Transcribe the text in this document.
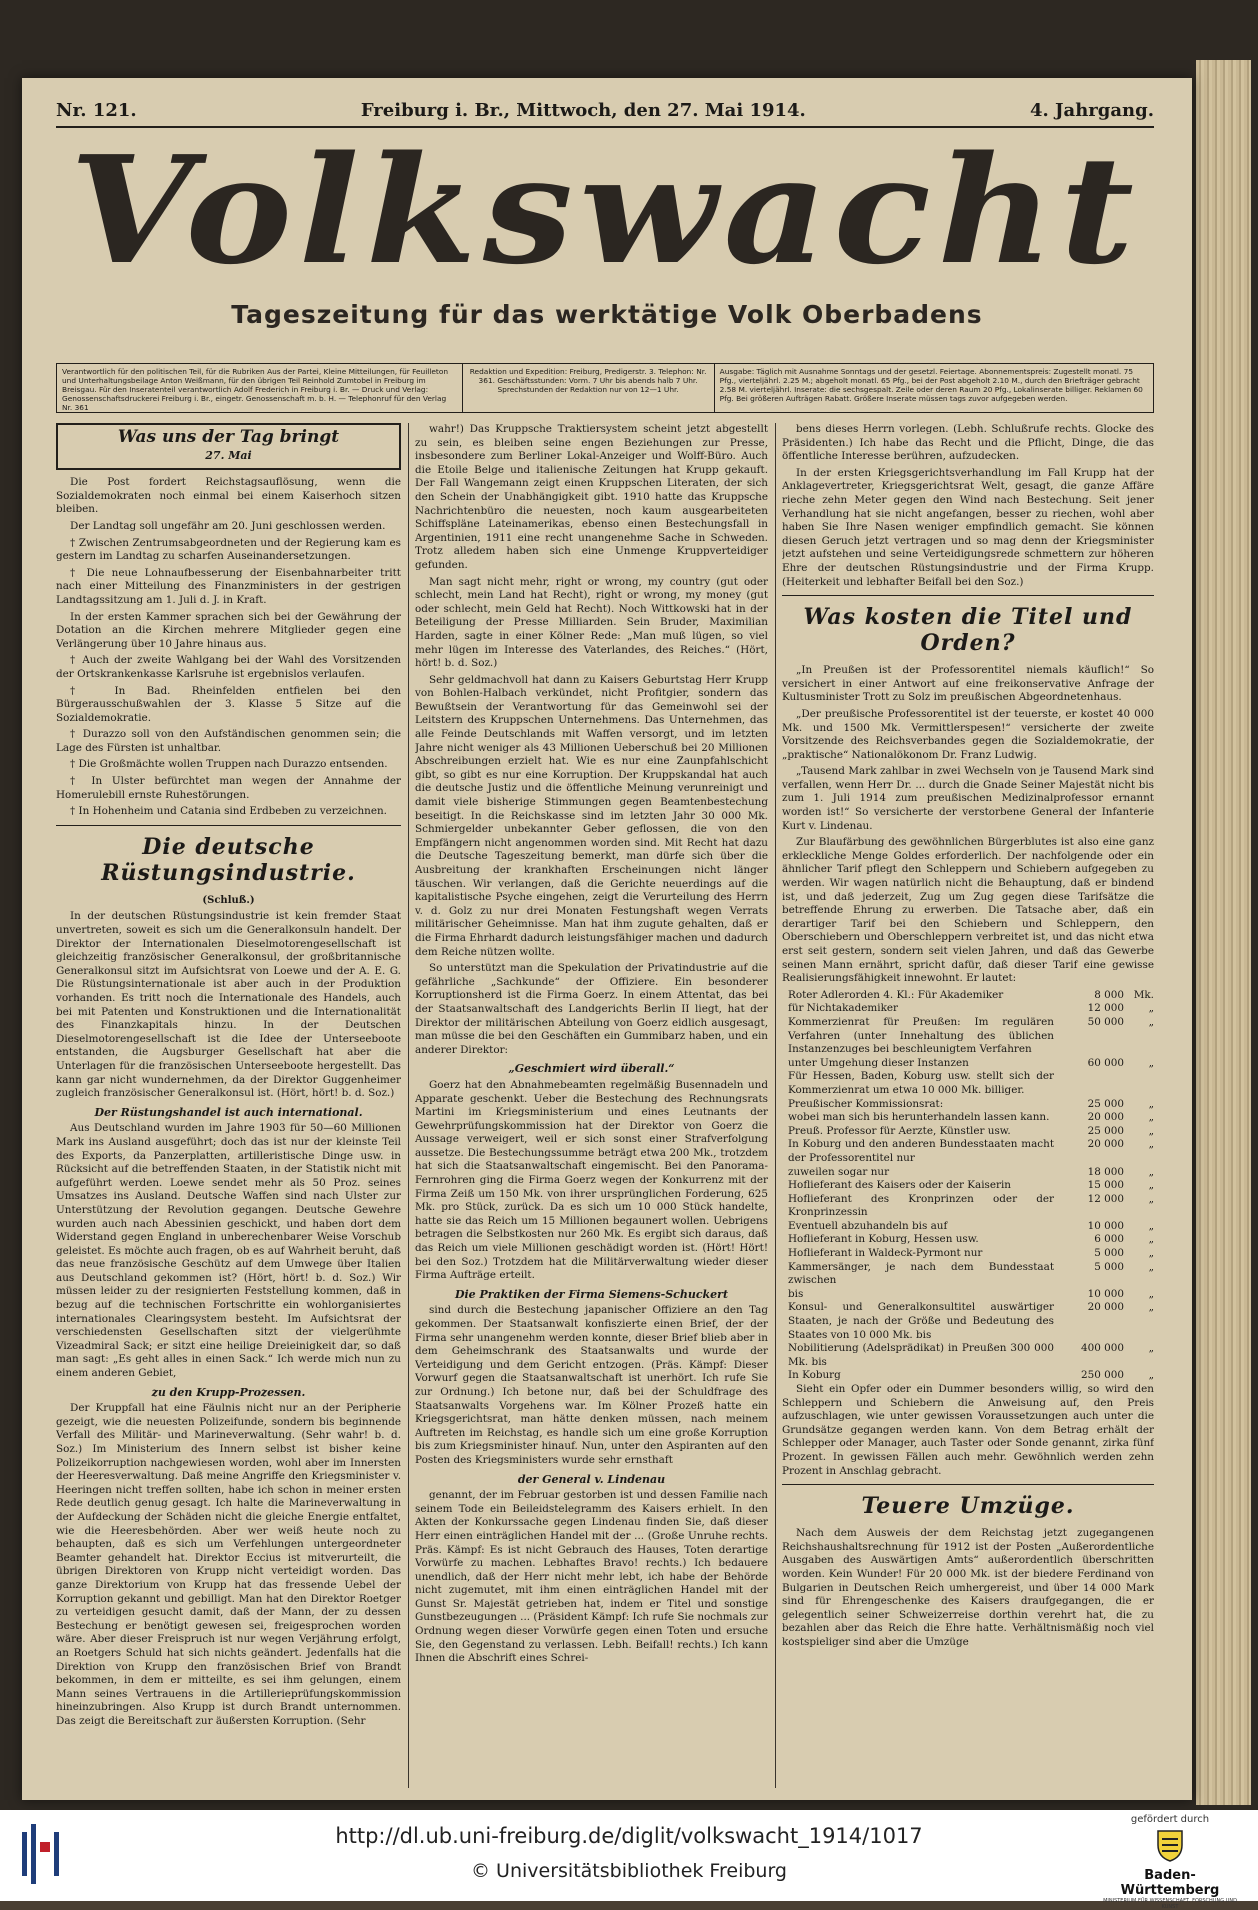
Nr. 121.	Freiburg i. Br., Mittwoch, den 27. Mai 1914.	4. Jahrgang.
Volkswacht
Tageszeitung für das werktätige Volk Oberbadens
Verantwortlich für den politischen Teil, für die Rubriken Aus der Partei, Kleine Mitteilungen, für Feuilleton und Unterhaltungsbeilage Anton Weißmann, für den übrigen Teil Reinhold Zumtobel in Freiburg im Breisgau. Für den Inseratenteil verantwortlich Adolf Frederich in Freiburg i. Br. — Druck und Verlag: Genossenschaftsdruckerei Freiburg i. Br., eingetr. Genossenschaft m. b. H. — Telephonruf für den Verlag Nr. 361
Redaktion und Expedition: Freiburg, Predigerstr. 3. Telephon: Nr. 361. Geschäftsstunden: Vorm. 7 Uhr bis abends halb 7 Uhr. Sprechstunden der Redaktion nur von 12—1 Uhr.
Ausgabe: Täglich mit Ausnahme Sonntags und der gesetzl. Feiertage. Abonnementspreis: Zugestellt monatl. 75 Pfg., vierteljährl. 2.25 M.; abgeholt monatl. 65 Pfg., bei der Post abgeholt 2.10 M., durch den Briefträger gebracht 2.58 M. vierteljährl. Inserate: die sechsgespalt. Zeile oder deren Raum 20 Pfg., Lokalinserate billiger. Reklamen 60 Pfg. Bei größeren Aufträgen Rabatt. Größere Inserate müssen tags zuvor aufgegeben werden.
Was uns der Tag bringt
27. Mai

Die Post fordert Reichstagsauflösung, wenn die Sozialdemokraten noch einmal bei einem Kaiserhoch sitzen bleiben.

Der Landtag soll ungefähr am 20. Juni geschlossen werden.

† Zwischen Zentrumsabgeordneten und der Regierung kam es gestern im Landtag zu scharfen Auseinandersetzungen.

† Die neue Lohnaufbesserung der Eisenbahnarbeiter tritt nach einer Mitteilung des Finanzministers in der gestrigen Landtagssitzung am 1. Juli d. J. in Kraft.

In der ersten Kammer sprachen sich bei der Gewährung der Dotation an die Kirchen mehrere Mitglieder gegen eine Verlängerung über 10 Jahre hinaus aus.

† Auch der zweite Wahlgang bei der Wahl des Vorsitzenden der Ortskrankenkasse Karlsruhe ist ergebnislos verlaufen.

† In Bad. Rheinfelden entfielen bei den Bürgerausschußwahlen der 3. Klasse 5 Sitze auf die Sozialdemokratie.

† Durazzo soll von den Aufständischen genommen sein; die Lage des Fürsten ist unhaltbar.

† Die Großmächte wollen Truppen nach Durazzo entsenden.

† In Ulster befürchtet man wegen der Annahme der Homerulebill ernste Ruhestörungen.

† In Hohenheim und Catania sind Erdbeben zu verzeichnen.

Die deutsche Rüstungsindustrie.
(Schluß.)

In der deutschen Rüstungsindustrie ist kein fremder Staat unvertreten, soweit es sich um die Generalkonsuln handelt. Der Direktor der Internationalen Dieselmotorengesellschaft ist gleichzeitig französischer Generalkonsul, der großbritannische Generalkonsul sitzt im Aufsichtsrat von Loewe und der A. E. G. Die Rüstungsinternationale ist aber auch in der Produktion vorhanden. Es tritt noch die Internationale des Handels, auch bei mit Patenten und Konstruktionen und die Internationalität des Finanzkapitals hinzu. In der Deutschen Dieselmotorengesellschaft ist die Idee der Unterseeboote entstanden, die Augsburger Gesellschaft hat aber die Unterlagen für die französischen Unterseeboote hergestellt. Das kann gar nicht wundernehmen, da der Direktor Guggenheimer zugleich französischer Generalkonsul ist. (Hört, hört! b. d. Soz.)

Der Rüstungshandel ist auch international.

Aus Deutschland wurden im Jahre 1903 für 50—60 Millionen Mark ins Ausland ausgeführt; doch das ist nur der kleinste Teil des Exports, da Panzerplatten, artilleristische Dinge usw. in Rücksicht auf die betreffenden Staaten, in der Statistik nicht mit aufgeführt werden. Loewe sendet mehr als 50 Proz. seines Umsatzes ins Ausland. Deutsche Waffen sind nach Ulster zur Unterstützung der Revolution gegangen. Deutsche Gewehre wurden auch nach Abessinien geschickt, und haben dort dem Widerstand gegen England in unberechenbarer Weise Vorschub geleistet. Es möchte auch fragen, ob es auf Wahrheit beruht, daß das neue französische Geschütz auf dem Umwege über Italien aus Deutschland gekommen ist? (Hört, hört! b. d. Soz.) Wir müssen leider zu der resignierten Feststellung kommen, daß in bezug auf die technischen Fortschritte ein wohlorganisiertes internationales Clearingsystem besteht. Im Aufsichtsrat der verschiedensten Gesellschaften sitzt der vielgerühmte Vizeadmiral Sack; er sitzt eine heilige Dreieinigkeit dar, so daß man sagt: „Es geht alles in einen Sack.“ Ich werde mich nun zu einem anderen Gebiet,

zu den Krupp-Prozessen.

Der Kruppfall hat eine Fäulnis nicht nur an der Peripherie gezeigt, wie die neuesten Polizeifunde, sondern bis beginnende Verfall des Militär- und Marineverwaltung. (Sehr wahr! b. d. Soz.) Im Ministerium des Innern selbst ist bisher keine Polizeikorruption nachgewiesen worden, wohl aber im Innersten der Heeresverwaltung. Daß meine Angriffe den Kriegsminister v. Heeringen nicht treffen sollten, habe ich schon in meiner ersten Rede deutlich genug gesagt. Ich halte die Marineverwaltung in der Aufdeckung der Schäden nicht die gleiche Energie entfaltet, wie die Heeresbehörden. Aber wer weiß heute noch zu behaupten, daß es sich um Verfehlungen untergeordneter Beamter gehandelt hat. Direktor Eccius ist mitverurteilt, die übrigen Direktoren von Krupp nicht verteidigt worden. Das ganze Direktorium von Krupp hat das fressende Uebel der Korruption gekannt und gebilligt. Man hat den Direktor Roetger zu verteidigen gesucht damit, daß der Mann, der zu dessen Bestechung er benötigt gewesen sei, freigesprochen worden wäre. Aber dieser Freispruch ist nur wegen Verjährung erfolgt, an Roetgers Schuld hat sich nichts geändert. Jedenfalls hat die Direktion von Krupp den französischen Brief von Brandt bekommen, in dem er mitteilte, es sei ihm gelungen, einem Mann seines Vertrauens in die Artillerieprüfungskommission hineinzubringen. Also Krupp ist durch Brandt unternommen. Das zeigt die Bereitschaft zur äußersten Korruption. (Sehr

wahr!) Das Kruppsche Traktiersystem scheint jetzt abgestellt zu sein, es bleiben seine engen Beziehungen zur Presse, insbesondere zum Berliner Lokal-Anzeiger und Wolff-Büro. Auch die Etoile Belge und italienische Zeitungen hat Krupp gekauft. Der Fall Wangemann zeigt einen Kruppschen Literaten, der sich den Schein der Unabhängigkeit gibt. 1910 hatte das Kruppsche Nachrichtenbüro die neuesten, noch kaum ausgearbeiteten Schiffspläne Lateinamerikas, ebenso einen Bestechungsfall in Argentinien, 1911 eine recht unangenehme Sache in Schweden. Trotz alledem haben sich eine Unmenge Kruppverteidiger gefunden.

Man sagt nicht mehr, right or wrong, my country (gut oder schlecht, mein Land hat Recht), right or wrong, my money (gut oder schlecht, mein Geld hat Recht). Noch Wittkowski hat in der Beteiligung der Presse Milliarden. Sein Bruder, Maximilian Harden, sagte in einer Kölner Rede: „Man muß lügen, so viel mehr lügen im Interesse des Vaterlandes, des Reiches.“ (Hört, hört! b. d. Soz.)

Sehr geldmachvoll hat dann zu Kaisers Geburtstag Herr Krupp von Bohlen-Halbach verkündet, nicht Profitgier, sondern das Bewußtsein der Verantwortung für das Gemeinwohl sei der Leitstern des Kruppschen Unternehmens. Das Unternehmen, das alle Feinde Deutschlands mit Waffen versorgt, und im letzten Jahre nicht weniger als 43 Millionen Ueberschuß bei 20 Millionen Abschreibungen erzielt hat. Wie es nur eine Zaunpfahlschicht gibt, so gibt es nur eine Korruption. Der Kruppskandal hat auch die deutsche Justiz und die öffentliche Meinung verunreinigt und damit viele bisherige Stimmungen gegen Beamtenbestechung beseitigt. In die Reichskasse sind im letzten Jahr 30 000 Mk. Schmiergelder unbekannter Geber geflossen, die von den Empfängern nicht angenommen worden sind. Mit Recht hat dazu die Deutsche Tageszeitung bemerkt, man dürfe sich über die Ausbreitung der krankhaften Erscheinungen nicht länger täuschen. Wir verlangen, daß die Gerichte neuerdings auf die kapitalistische Psyche eingehen, zeigt die Verurteilung des Herrn v. d. Golz zu nur drei Monaten Festungshaft wegen Verrats militärischer Geheimnisse. Man hat ihm zugute gehalten, daß er die Firma Ehrhardt dadurch leistungsfähiger machen und dadurch dem Reiche nützen wollte.

So unterstützt man die Spekulation der Privatindustrie auf die gefährliche „Sachkunde“ der Offiziere. Ein besonderer Korruptionsherd ist die Firma Goerz. In einem Attentat, das bei der Staatsanwaltschaft des Landgerichts Berlin II liegt, hat der Direktor der militärischen Abteilung von Goerz eidlich ausgesagt, man müsse die bei den Geschäften ein Gummibarz haben, und ein anderer Direktor:

„Geschmiert wird überall.“

Goerz hat den Abnahmebeamten regelmäßig Busennadeln und Apparate geschenkt. Ueber die Bestechung des Rechnungsrats Martini im Kriegsministerium und eines Leutnants der Gewehrprüfungskommission hat der Direktor von Goerz die Aussage verweigert, weil er sich sonst einer Strafverfolgung aussetze. Die Bestechungssumme beträgt etwa 200 Mk., trotzdem hat sich die Staatsanwaltschaft eingemischt. Bei den Panorama-Fernrohren ging die Firma Goerz wegen der Konkurrenz mit der Firma Zeiß um 150 Mk. von ihrer ursprünglichen Forderung, 625 Mk. pro Stück, zurück. Da es sich um 10 000 Stück handelte, hatte sie das Reich um 15 Millionen begaunert wollen. Uebrigens betragen die Selbstkosten nur 260 Mk. Es ergibt sich daraus, daß das Reich um viele Millionen geschädigt worden ist. (Hört! Hört! bei den Soz.) Trotzdem hat die Militärverwaltung wieder dieser Firma Aufträge erteilt.

Die Praktiken der Firma Siemens-Schuckert

sind durch die Bestechung japanischer Offiziere an den Tag gekommen. Der Staatsanwalt konfiszierte einen Brief, der der Firma sehr unangenehm werden konnte, dieser Brief blieb aber in dem Geheimschrank des Staatsanwalts und wurde der Verteidigung und dem Gericht entzogen. (Präs. Kämpf: Dieser Vorwurf gegen die Staatsanwaltschaft ist unerhört. Ich rufe Sie zur Ordnung.) Ich betone nur, daß bei der Schuldfrage des Staatsanwalts Vorgehens war. Im Kölner Prozeß hatte ein Kriegsgerichtsrat, man hätte denken müssen, nach meinem Auftreten im Reichstag, es handle sich um eine große Korruption bis zum Kriegsminister hinauf. Nun, unter den Aspiranten auf den Posten des Kriegsministers wurde sehr ernsthaft

der General v. Lindenau

genannt, der im Februar gestorben ist und dessen Familie nach seinem Tode ein Beileidstelegramm des Kaisers erhielt. In den Akten der Konkurssache gegen Lindenau finden Sie, daß dieser Herr einen einträglichen Handel mit der ... (Große Unruhe rechts. Präs. Kämpf: Es ist nicht Gebrauch des Hauses, Toten derartige Vorwürfe zu machen. Lebhaftes Bravo! rechts.) Ich bedauere unendlich, daß der Herr nicht mehr lebt, ich habe der Behörde nicht zugemutet, mit ihm einen einträglichen Handel mit der Gunst Sr. Majestät getrieben hat, indem er Titel und sonstige Gunstbezeugungen ... (Präsident Kämpf: Ich rufe Sie nochmals zur Ordnung wegen dieser Vorwürfe gegen einen Toten und ersuche Sie, den Gegenstand zu verlassen. Lebh. Beifall! rechts.) Ich kann Ihnen die Abschrift eines Schrei-

bens dieses Herrn vorlegen. (Lebh. Schlußrufe rechts. Glocke des Präsidenten.) Ich habe das Recht und die Pflicht, Dinge, die das öffentliche Interesse berühren, aufzudecken.

In der ersten Kriegsgerichtsverhandlung im Fall Krupp hat der Anklagevertreter, Kriegsgerichtsrat Welt, gesagt, die ganze Affäre rieche zehn Meter gegen den Wind nach Bestechung. Seit jener Verhandlung hat sie nicht angefangen, besser zu riechen, wohl aber haben Sie Ihre Nasen weniger empfindlich gemacht. Sie können diesen Geruch jetzt vertragen und so mag denn der Kriegsminister jetzt aufstehen und seine Verteidigungsrede schmettern zur höheren Ehre der deutschen Rüstungsindustrie und der Firma Krupp. (Heiterkeit und lebhafter Beifall bei den Soz.)

Was kosten die Titel und Orden?

„In Preußen ist der Professorentitel niemals käuflich!“ So versichert in einer Antwort auf eine freikonservative Anfrage der Kultusminister Trott zu Solz im preußischen Abgeordnetenhaus.

„Der preußische Professorentitel ist der teuerste, er kostet 40 000 Mk. und 1500 Mk. Vermittlerspesen!“ versicherte der zweite Vorsitzende des Reichsverbandes gegen die Sozialdemokratie, der „praktische“ Nationalökonom Dr. Franz Ludwig.

„Tausend Mark zahlbar in zwei Wechseln von je Tausend Mark sind verfallen, wenn Herr Dr. ... durch die Gnade Seiner Majestät nicht bis zum 1. Juli 1914 zum preußischen Medizinalprofessor ernannt worden ist!“ So versicherte der verstorbene General der Infanterie Kurt v. Lindenau.

Zur Blaufärbung des gewöhnlichen Bürgerblutes ist also eine ganz erkleckliche Menge Goldes erforderlich. Der nachfolgende oder ein ähnlicher Tarif pflegt den Schleppern und Schiebern aufgegeben zu werden. Wir wagen natürlich nicht die Behauptung, daß er bindend ist, und daß jederzeit, Zug um Zug gegen diese Tarifsätze die betreffende Ehrung zu erwerben. Die Tatsache aber, daß ein derartiger Tarif bei den Schiebern und Schleppern, den Oberschiebern und Oberschleppern verbreitet ist, und das nicht etwa erst seit gestern, sondern seit vielen Jahren, und daß das Gewerbe seinen Mann ernährt, spricht dafür, daß dieser Tarif eine gewisse Realisierungsfähigkeit innewohnt. Er lautet:

Roter Adlerorden 4. Kl.: Für Akademiker	8 000 Mk.
für Nichtakademiker	12 000	„
Kommerzienrat für Preußen: Im regulären Verfahren (unter Innehaltung des üblichen Instanzenzuges bei beschleunigtem Verfahren
50 000	„
unter Umgehung dieser Instanzen	60 000	„
Für Hessen, Baden, Koburg usw. stellt sich der Kommerzienrat um etwa 10 000 Mk. billiger.
Preußischer Kommissionsrat:	25 000	„
wobei man sich bis herunterhandeln lassen kann.	20 000	„
Preuß. Professor für Aerzte, Künstler usw.	25 000	„
In Koburg und den anderen Bundesstaaten macht der Professorentitel nur
20 000	„
zuweilen sogar nur	18 000	„
Hoflieferant des Kaisers oder der Kaiserin	15 000	„
Hoflieferant des Kronprinzen oder der Kronprinzessin
12 000	„
Eventuell abzuhandeln bis auf	10 000	„
Hoflieferant in Koburg, Hessen usw.	6 000	„
Hoflieferant in Waldeck-Pyrmont nur	5 000	„
Kammersänger, je nach dem Bundesstaat zwischen
5 000	„
bis	10 000	„
Konsul- und Generalkonsultitel auswärtiger Staaten, je nach der Größe und Bedeutung des Staates von 10 000 Mk. bis
20 000	„
Nobilitierung (Adelsprädikat) in Preußen 300 000 Mk. bis
400 000	„
In Koburg	250 000	„

Sieht ein Opfer oder ein Dummer besonders willig, so wird den Schleppern und Schiebern die Anweisung auf, den Preis aufzuschlagen, wie unter gewissen Voraussetzungen auch unter die Grundsätze gegangen werden kann. Von dem Betrag erhält der Schlepper oder Manager, auch Taster oder Sonde genannt, zirka fünf Prozent. In gewissen Fällen auch mehr. Gewöhnlich werden zehn Prozent in Anschlag gebracht.

Teuere Umzüge.

Nach dem Ausweis der dem Reichstag jetzt zugegangenen Reichshaushaltsrechnung für 1912 ist der Posten „Außerordentliche Ausgaben des Auswärtigen Amts“ außerordentlich überschritten worden. Kein Wunder! Für 20 000 Mk. ist der biedere Ferdinand von Bulgarien in Deutschen Reich umhergereist, und über 14 000 Mark sind für Ehrengeschenke des Kaisers draufgegangen, die er gelegentlich seiner Schweizerreise dorthin verehrt hat, die zu bezahlen aber das Reich die Ehre hatte. Verhältnismäßig noch viel kostspieliger sind aber die Umzüge

http://dl.ub.uni-freiburg.de/diglit/volkswacht_1914/1017
© Universitätsbibliothek Freiburg
gefördert durch
Baden-Württemberg
MINISTERIUM FÜR WISSENSCHAFT, FORSCHUNG UND KUNST
